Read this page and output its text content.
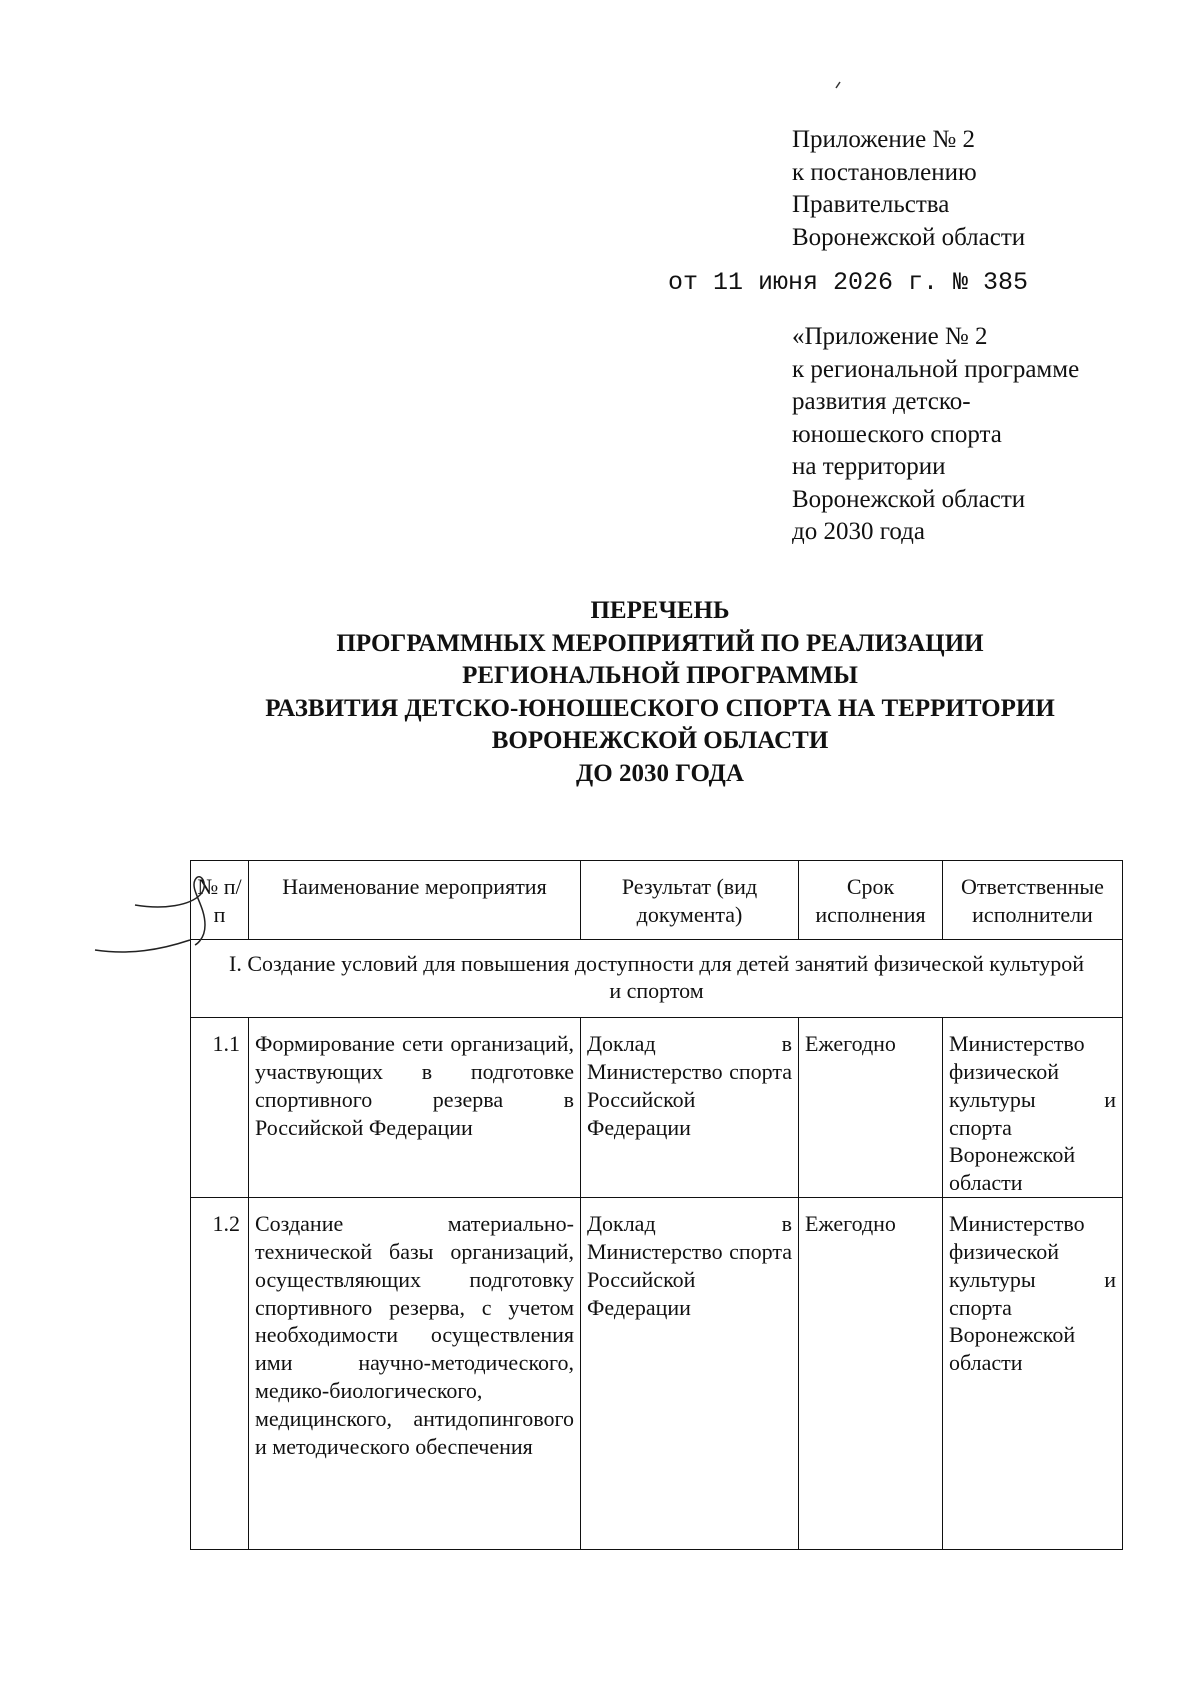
Приложение № 2
к постановлению
Правительства
Воронежской области
от 11 июня 2026 г. № 385
«Приложение № 2
к региональной программе
развития детско-
юношеского спорта
на территории
Воронежской области
до 2030 года
ПЕРЕЧЕНЬ
ПРОГРАММНЫХ МЕРОПРИЯТИЙ ПО РЕАЛИЗАЦИИ
РЕГИОНАЛЬНОЙ ПРОГРАММЫ
РАЗВИТИЯ ДЕТСКО-ЮНОШЕСКОГО СПОРТА НА ТЕРРИТОРИИ
ВОРОНЕЖСКОЙ ОБЛАСТИ
ДО 2030 ГОДА
№ п/п	Наименование мероприятия	Результат (вид документа)	Срок исполнения	Ответственные исполнители
I. Создание условий для повышения доступности для детей занятий физической культурой и спортом				
1.1	Формирование сети организаций, участвующих в подготовке спортивного резерва в Российской Федерации	Доклад в Министерство спорта Российской Федерации	Ежегодно	Министерство физической культуры и спорта Воронежской области
1.2	Создание материально-технической базы организаций, осуществляющих подготовку спортивного резерва, с учетом необходимости осуществления ими научно-методического, медико-биологического, медицинского, антидопингового и методического обеспечения	Доклад в Министерство спорта Российской Федерации	Ежегодно	Министерство физической культуры и спорта Воронежской области
